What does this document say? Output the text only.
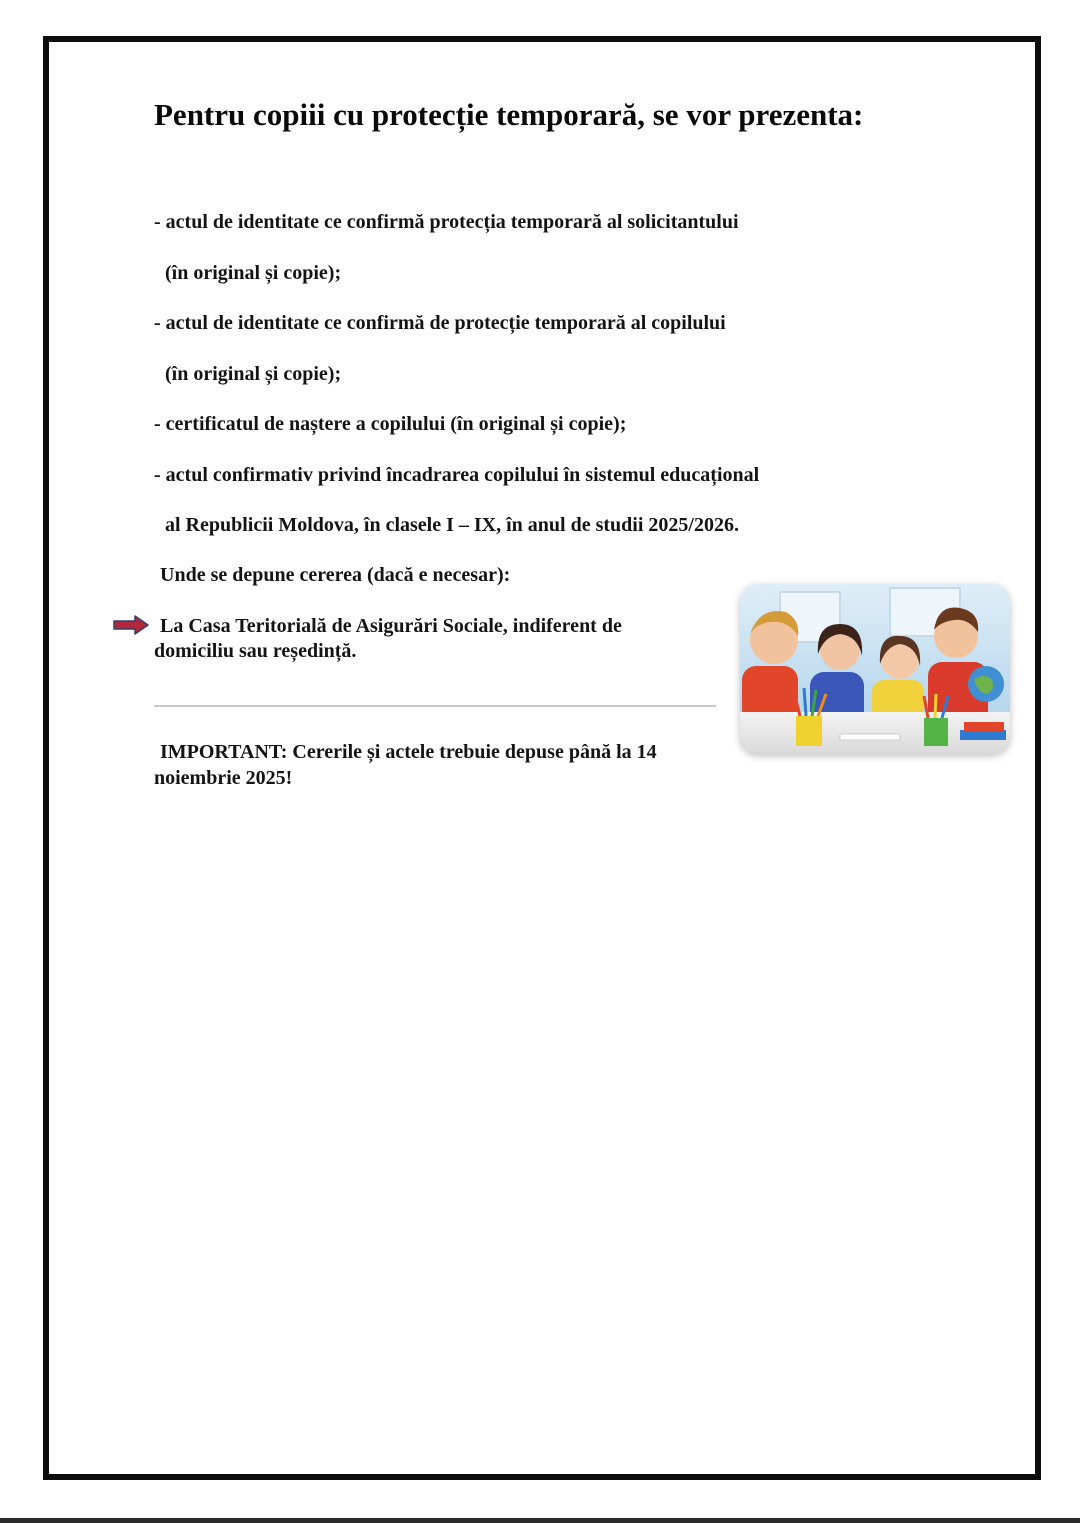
Pentru copiii cu protecție temporară, se vor prezenta:

- actul de identitate ce confirmă protecția temporară al solicitantului

(în original și copie);

- actul de identitate ce confirmă de protecție temporară al copilului

(în original și copie);

- certificatul de naștere a copilului (în original și copie);

- actul confirmativ privind încadrarea copilului în sistemul educațional

al Republicii Moldova, în clasele I – IX, în anul de studii 2025/2026.

Unde se depune cererea (dacă e necesar):

La Casa Teritorială de Asigurări Sociale, indiferent de

domiciliu sau reședință.

IMPORTANT: Cererile și actele trebuie depuse până la 14

noiembrie 2025!
